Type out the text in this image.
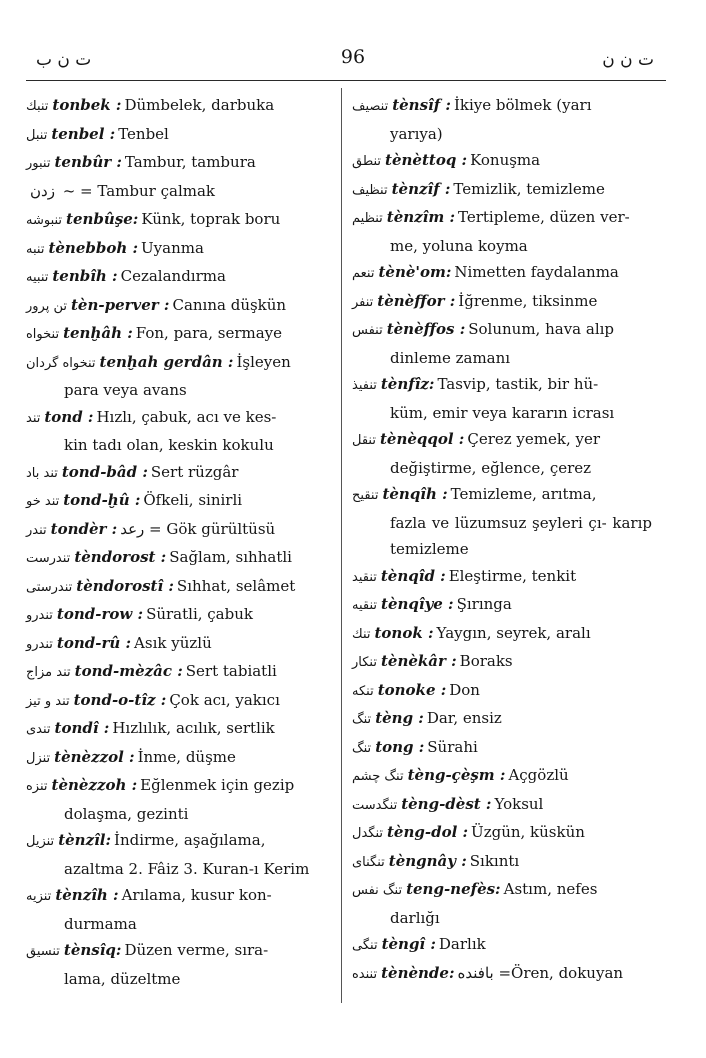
ت ن ب	96	ت ن ن
تنبك tonbek : Dümbelek, darbuka
تنبل tenbel : Tenbel
تنبور tenbûr : Tambur, tambura
زدن ~ = Tambur çalmak
تنبوشه tenbûşe: Künk, toprak boru
تنبه tènebboh : Uyanma
تنبيه tenbîh : Cezalandırma
تن پرور tèn-perver : Canına düşkün
تنخواه tenḫâh : Fon, para, sermaye
تنخواه گردان tenḫah gerdân : İşleyen
para veya avans
تند tond : Hızlı, çabuk, acı ve kes-
kin tadı olan, keskin kokulu
تند باد tond-bâd : Sert rüzgâr
تند خو tond-ḫû : Öfkeli, sinirli
تندر tondèr : رعد = Gök gürültüsü
تندرست tèndorost : Sağlam, sıhhatli
تندرستی tèndorostî : Sıhhat, selâmet
تندرو tond-row : Süratli, çabuk
تندرو tond-rû : Asık yüzlü
تند مزاج tond-mèzâc : Sert tabiatli
تند و تیز tond-o-tîz : Çok acı, yakıcı
تندی tondî : Hızlılık, acılık, sertlik
تنزل tènèzzol : İnme, düşme
تنزه tènèzzoh : Eğlenmek için gezip
dolaşma, gezinti
تنزيل tènzîl: İndirme, aşağılama,
azaltma 2. Fâiz 3. Kuran-ı Kerim
تنزيه tènzîh : Arılama, kusur kon-
durmama
تنسيق tènsîq: Düzen verme, sıra-
lama, düzeltme
تنصيف tènsîf : İkiye bölmek (yarı
yarıya)
تنطق tènèttoq : Konuşma
تنظيف tènzîf : Temizlik, temizleme
تنظيم tènzîm : Tertipleme, düzen ver-
me, yoluna koyma
تنعم tènè'om: Nimetten faydalanma
تنفر tènèffor : İğrenme, tiksinme
تنفس tènèffos : Solunum, hava alıp
dinleme zamanı
تنفيذ tènfîz: Tasvip, tastik, bir hü-
küm, emir veya kararın icrası
تنقل tènèqqol : Çerez yemek, yer
değiştirme, eğlence, çerez
تنقيح tènqîh : Temizleme, arıtma,
fazla ve lüzumsuz şeyleri çı- karıp temizleme
تنقيد tènqîd : Eleştirme, tenkit
تنقيه tènqîye : Şırınga
تنك tonok : Yaygın, seyrek, aralı
تنكار tènèkâr : Boraks
تنكه tonoke : Don
تنگ tèng : Dar, ensiz
تنگ tong : Sürahi
تنگ چشم tèng-çèşm : Açgözlü
تنگدست tèng-dèst : Yoksul
تنگدل tèng-dol : Üzgün, küskün
تنگنای tèngnây : Sıkıntı
تنگ نفس teng-nefès: Astım, nefes
darlığı
تنگی tèngî : Darlık
تننده tènènde: بافنده =Ören, dokuyan
